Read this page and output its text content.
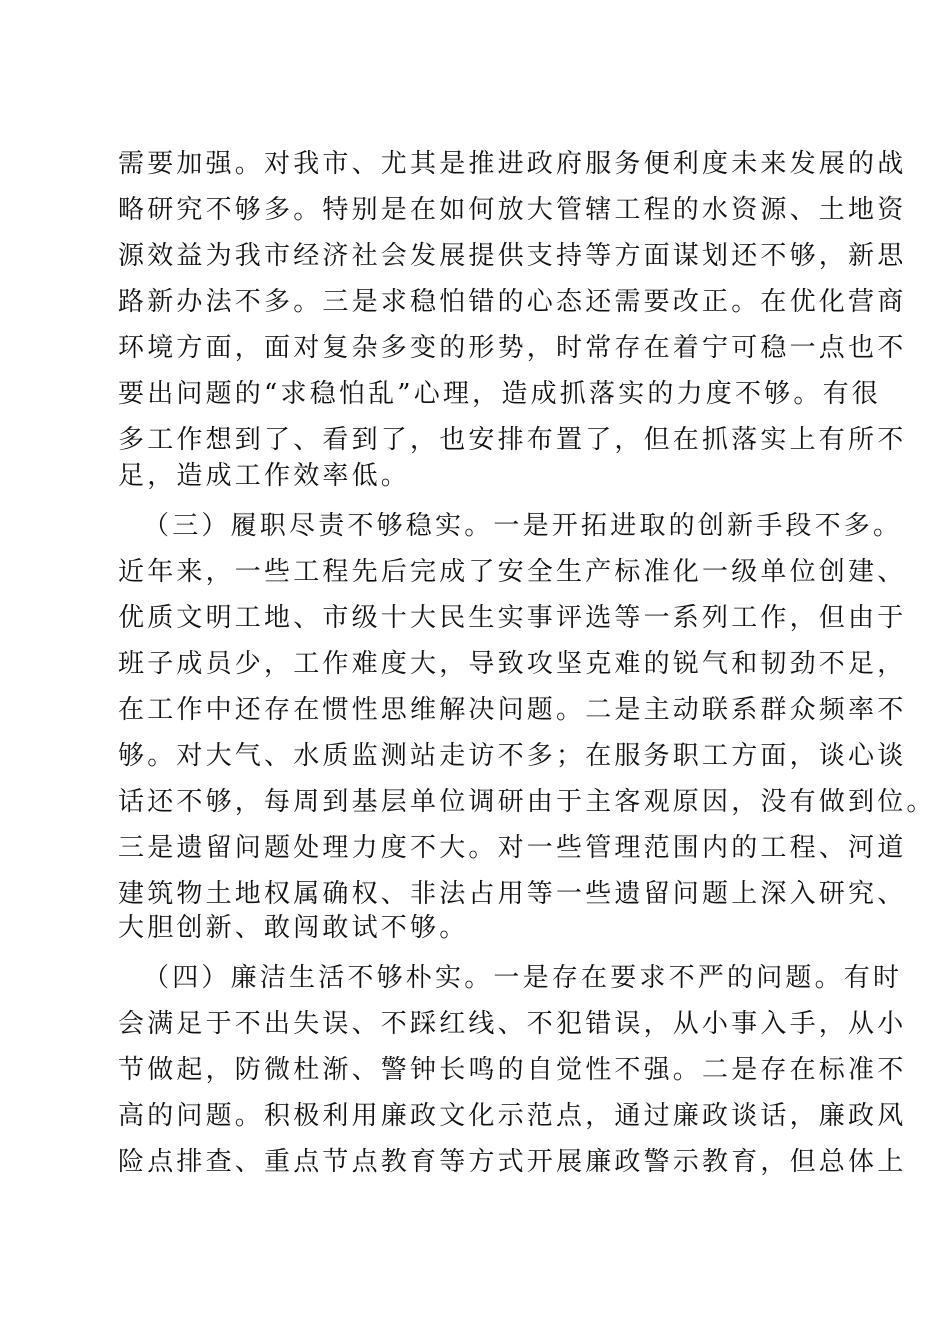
需要加强。对我市、尤其是推进政府服务便利度未来发展的战
略研究不够多。特别是在如何放大管辖工程的水资源、土地资
源效益为我市经济社会发展提供支持等方面谋划还不够，新思
路新办法不多。三是求稳怕错的心态还需要改正。在优化营商
环境方面，面对复杂多变的形势，时常存在着宁可稳一点也不
要出问题的“求稳怕乱”心理，造成抓落实的力度不够。有很
多工作想到了、看到了，也安排布置了，但在抓落实上有所不
足，造成工作效率低。
（三）履职尽责不够稳实。一是开拓进取的创新手段不多。
近年来，一些工程先后完成了安全生产标准化一级单位创建、
优质文明工地、市级十大民生实事评选等一系列工作，但由于
班子成员少，工作难度大，导致攻坚克难的锐气和韧劲不足，
在工作中还存在惯性思维解决问题。二是主动联系群众频率不
够。对大气、水质监测站走访不多；在服务职工方面，谈心谈
话还不够，每周到基层单位调研由于主客观原因，没有做到位。
三是遗留问题处理力度不大。对一些管理范围内的工程、河道
建筑物土地权属确权、非法占用等一些遗留问题上深入研究、
大胆创新、敢闯敢试不够。
（四）廉洁生活不够朴实。一是存在要求不严的问题。有时
会满足于不出失误、不踩红线、不犯错误，从小事入手，从小
节做起，防微杜渐、警钟长鸣的自觉性不强。二是存在标准不
高的问题。积极利用廉政文化示范点，通过廉政谈话，廉政风
险点排查、重点节点教育等方式开展廉政警示教育，但总体上
